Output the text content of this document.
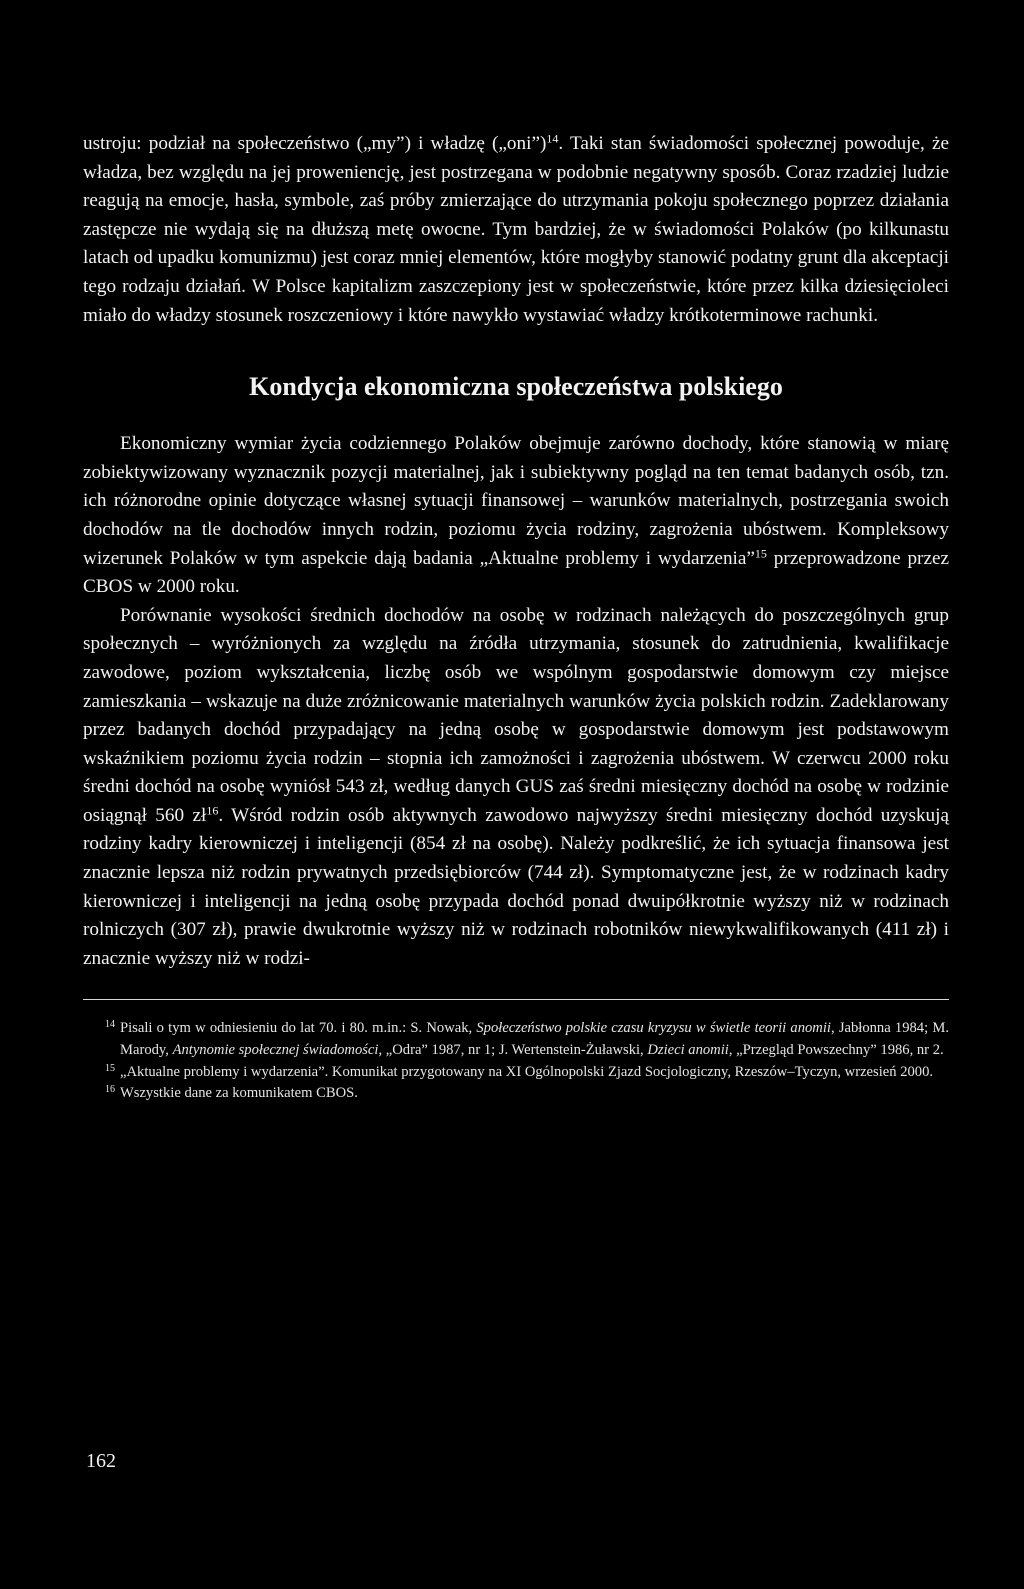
ustroju: podział na społeczeństwo („my”) i władzę („oni”)$^{14}$. Taki stan świadomości społecznej powoduje, że władza, bez względu na jej proweniencję, jest postrzegana w podobnie negatywny sposób. Coraz rzadziej ludzie reagują na emocje, hasła, symbole, zaś próby zmierzające do utrzymania pokoju społecznego poprzez działania zastępcze nie wydają się na dłuższą metę owocne. Tym bardziej, że w świadomości Polaków (po kilkunastu latach od upadku komunizmu) jest coraz mniej elementów, które mogłyby stanowić podatny grunt dla akceptacji tego rodzaju działań. W Polsce kapitalizm zaszczepiony jest w społeczeństwie, które przez kilka dziesięcioleci miało do władzy stosunek roszczeniowy i które nawykło wystawiać władzy krótkoterminowe rachunki.

Kondycja ekonomiczna społeczeństwa polskiego

Ekonomiczny wymiar życia codziennego Polaków obejmuje zarówno dochody, które stanowią w miarę zobiektywizowany wyznacznik pozycji materialnej, jak i subiektywny pogląd na ten temat badanych osób, tzn. ich różnorodne opinie dotyczące własnej sytuacji finansowej – warunków materialnych, postrzegania swoich dochodów na tle dochodów innych rodzin, poziomu życia rodziny, zagrożenia ubóstwem. Kompleksowy wizerunek Polaków w tym aspekcie dają badania „Aktualne problemy i wydarzenia”$^{15}$ przeprowadzone przez CBOS w 2000 roku.

Porównanie wysokości średnich dochodów na osobę w rodzinach należących do poszczególnych grup społecznych – wyróżnionych za względu na źródła utrzymania, stosunek do zatrudnienia, kwalifikacje zawodowe, poziom wykształcenia, liczbę osób we wspólnym gospodarstwie domowym czy miejsce zamieszkania – wskazuje na duże zróżnicowanie materialnych warunków życia polskich rodzin. Zadeklarowany przez badanych dochód przypadający na jedną osobę w gospodarstwie domowym jest podstawowym wskaźnikiem poziomu życia rodzin – stopnia ich zamożności i zagrożenia ubóstwem. W czerwcu 2000 roku średni dochód na osobę wyniósł 543 zł, według danych GUS zaś średni miesięczny dochód na osobę w rodzinie osiągnął 560 $zł^{16}$. Wśród rodzin osób aktywnych zawodowo najwyższy średni miesięczny dochód uzyskują rodziny kadry kierowniczej i inteligencji (854 zł na osobę). Należy podkreślić, że ich sytuacja finansowa jest znacznie lepsza niż rodzin prywatnych przedsiębiorców (744 zł). Symptomatyczne jest, że w rodzinach kadry kierowniczej i inteligencji na jedną osobę przypada dochód ponad dwuipółkrotnie wyższy niż w rodzinach rolniczych (307 zł), prawie dwukrotnie wyższy niż w rodzinach robotników niewykwalifikowanych (411 zł) i znacznie wyższy niż w rodzi-

14 Pisali o tym w odniesieniu do lat 70. i 80. m.in.: S. Nowak, Społeczeństwo polskie czasu kryzysu w świetle teorii anomii, Jabłonna 1984; M. Marody, Antynomie społecznej świadomości, „Odra” 1987, nr 1; J. Wertenstein-Żuławski, Dzieci anomii, „Przegląd Powszechny” 1986, nr 2.

15 „Aktualne problemy i wydarzenia”. Komunikat przygotowany na XI Ogólnopolski Zjazd Socjologiczny, Rzeszów–Tyczyn, wrzesień 2000.

16 Wszystkie dane za komunikatem CBOS.

162
